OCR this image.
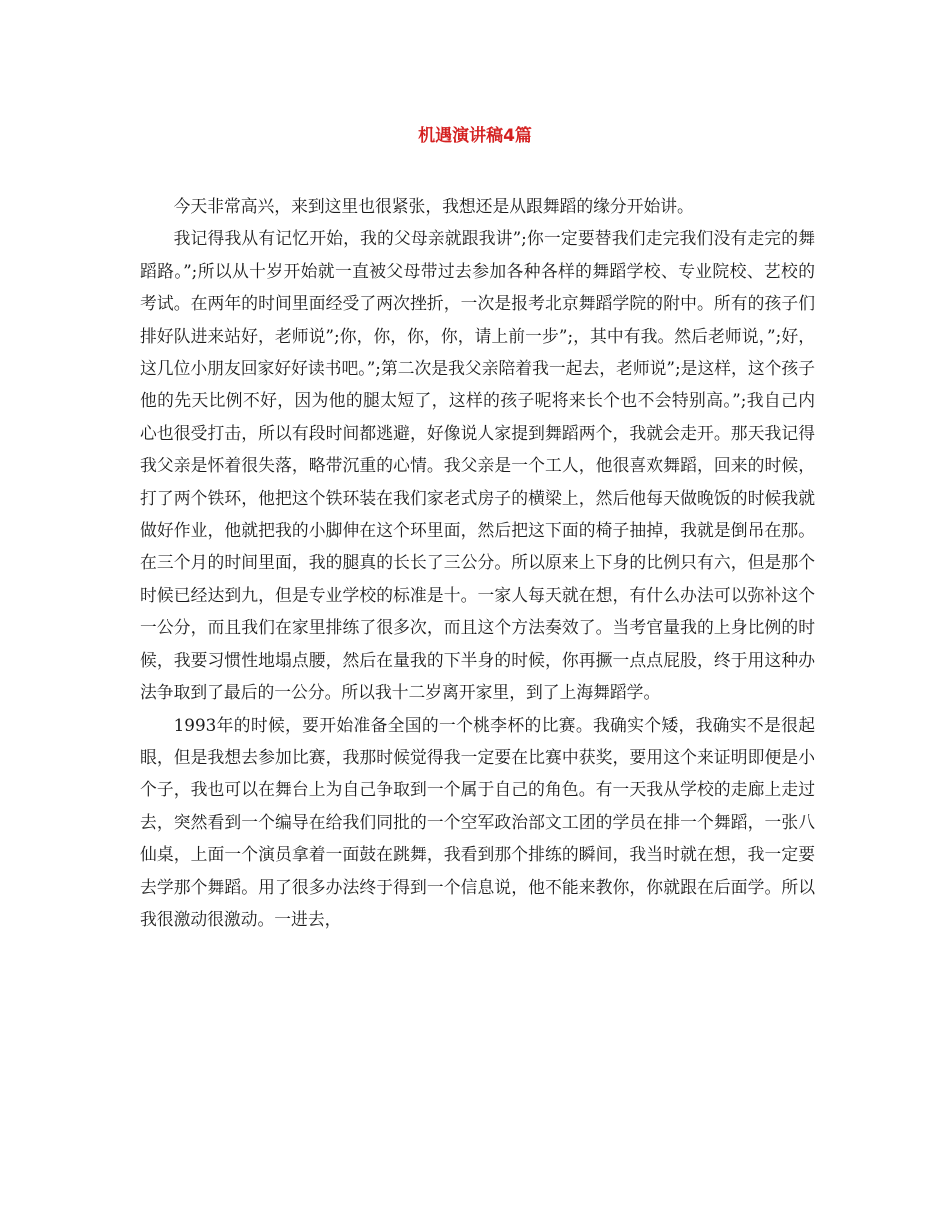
机遇演讲稿4篇

今天非常高兴，来到这里也很紧张，我想还是从跟舞蹈的缘分开始讲。

我记得我从有记忆开始，我的父母亲就跟我讲”;你一定要替我们走完我们没有走完的舞蹈路。”;所以从十岁开始就一直被父母带过去参加各种各样的舞蹈学校、专业院校、艺校的考试。在两年的时间里面经受了两次挫折，一次是报考北京舞蹈学院的附中。所有的孩子们排好队进来站好，老师说”;你，你，你，你，请上前一步”;，其中有我。然后老师说，”;好，这几位小朋友回家好好读书吧。”;第二次是我父亲陪着我一起去，老师说”;是这样，这个孩子他的先天比例不好，因为他的腿太短了，这样的孩子呢将来长个也不会特别高。”;我自己内心也很受打击，所以有段时间都逃避，好像说人家提到舞蹈两个，我就会走开。那天我记得我父亲是怀着很失落，略带沉重的心情。我父亲是一个工人，他很喜欢舞蹈，回来的时候，打了两个铁环，他把这个铁环装在我们家老式房子的横梁上，然后他每天做晚饭的时候我就做好作业，他就把我的小脚伸在这个环里面，然后把这下面的椅子抽掉，我就是倒吊在那。在三个月的时间里面，我的腿真的长长了三公分。所以原来上下身的比例只有六，但是那个时候已经达到九，但是专业学校的标准是十。一家人每天就在想，有什么办法可以弥补这个一公分，而且我们在家里排练了很多次，而且这个方法奏效了。当考官量我的上身比例的时候，我要习惯性地塌点腰，然后在量我的下半身的时候，你再撅一点点屁股，终于用这种办法争取到了最后的一公分。所以我十二岁离开家里，到了上海舞蹈学。

1993年的时候，要开始准备全国的一个桃李杯的比赛。我确实个矮，我确实不是很起眼，但是我想去参加比赛，我那时候觉得我一定要在比赛中获奖，要用这个来证明即便是小个子，我也可以在舞台上为自己争取到一个属于自己的角色。有一天我从学校的走廊上走过去，突然看到一个编导在给我们同批的一个空军政治部文工团的学员在排一个舞蹈，一张八仙桌，上面一个演员拿着一面鼓在跳舞，我看到那个排练的瞬间，我当时就在想，我一定要去学那个舞蹈。用了很多办法终于得到一个信息说，他不能来教你，你就跟在后面学。所以我很激动很激动。一进去，
